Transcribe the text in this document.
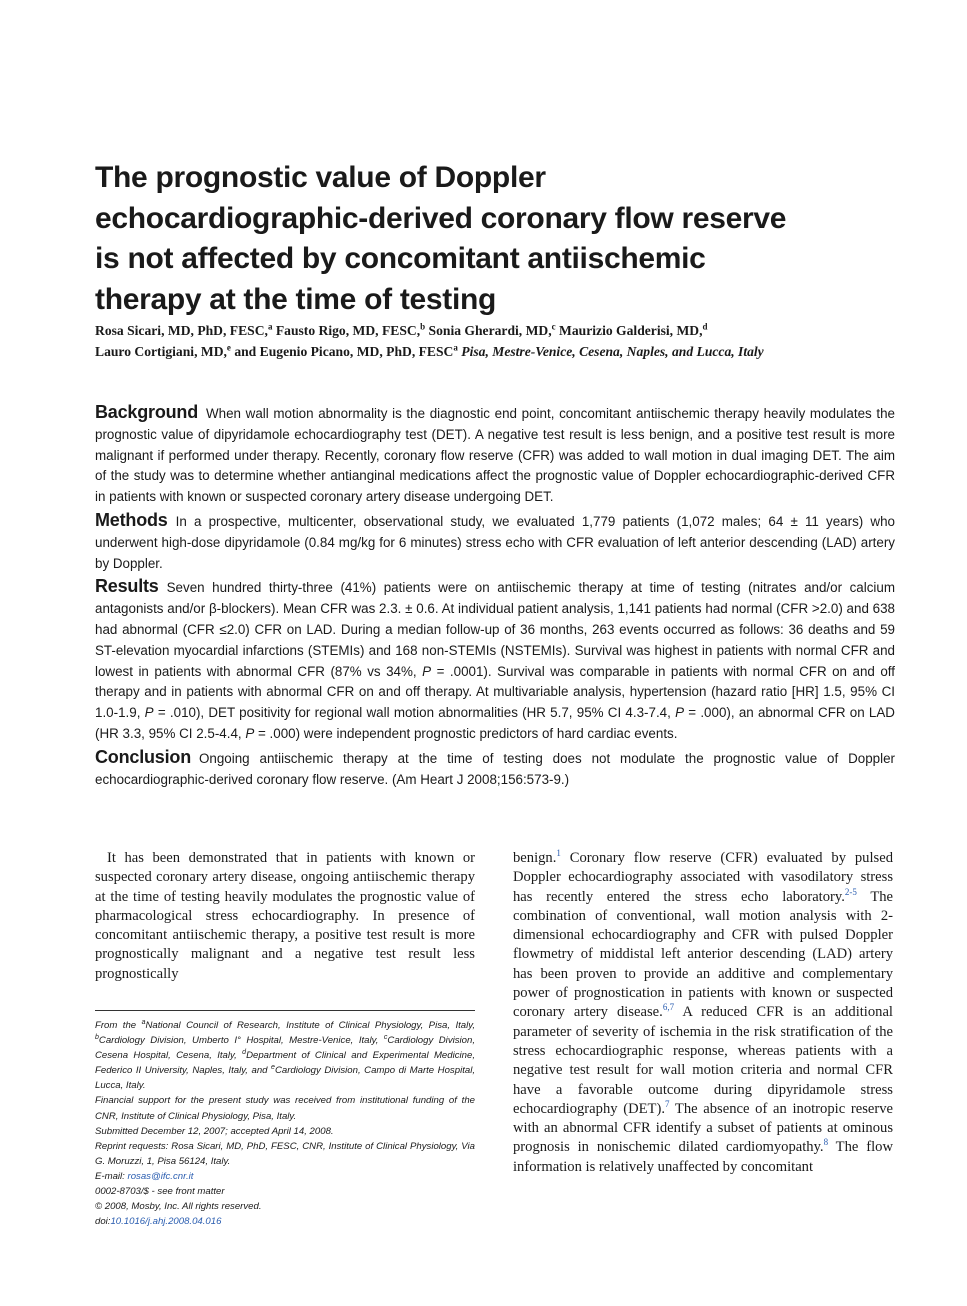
The prognostic value of Doppler
echocardiographic-derived coronary flow reserve
is not affected by concomitant antiischemic
therapy at the time of testing
Rosa Sicari, MD, PhD, FESC,$^a$ Fausto Rigo, MD, FESC,$^b$ Sonia Gherardi, MD,$^c$ Maurizio Galderisi, MD,$^d$
Lauro Cortigiani, MD,$^e$ and Eugenio Picano, MD, PhD, FESC$^a$ Pisa, Mestre-Venice, Cesena, Naples, and Lucca, Italy

Background When wall motion abnormality is the diagnostic end point, concomitant antiischemic therapy heavily modulates the prognostic value of dipyridamole echocardiography test (DET). A negative test result is less benign, and a positive test result is more malignant if performed under therapy. Recently, coronary flow reserve (CFR) was added to wall motion in dual imaging DET. The aim of the study was to determine whether antianginal medications affect the prognostic value of Doppler echocardiographic-derived CFR in patients with known or suspected coronary artery disease undergoing DET.

Methods In a prospective, multicenter, observational study, we evaluated 1,779 patients (1,072 males; 64 ± 11 years) who underwent high-dose dipyridamole (0.84 mg/kg for 6 minutes) stress echo with CFR evaluation of left anterior descending (LAD) artery by Doppler.

Results Seven hundred thirty-three (41%) patients were on antiischemic therapy at time of testing (nitrates and/or calcium antagonists and/or β-blockers). Mean CFR was 2.3. ± 0.6. At individual patient analysis, 1,141 patients had normal (CFR >2.0) and 638 had abnormal (CFR ≤2.0) CFR on LAD. During a median follow-up of 36 months, 263 events occurred as follows: 36 deaths and 59 ST-elevation myocardial infarctions (STEMIs) and 168 non-STEMIs (NSTEMIs). Survival was highest in patients with normal CFR and lowest in patients with abnormal CFR (87% vs 34%, P = .0001). Survival was comparable in patients with normal CFR on and off therapy and in patients with abnormal CFR on and off therapy. At multivariable analysis, hypertension (hazard ratio [HR] 1.5, 95% CI 1.0-1.9, P = .010), DET positivity for regional wall motion abnormalities (HR 5.7, 95% CI 4.3-7.4, P = .000), an abnormal CFR on LAD (HR 3.3, 95% CI 2.5-4.4, P = .000) were independent prognostic predictors of hard cardiac events.

Conclusion Ongoing antiischemic therapy at the time of testing does not modulate the prognostic value of Doppler echocardiographic-derived coronary flow reserve. (Am Heart J 2008;156:573-9.)

It has been demonstrated that in patients with known or suspected coronary artery disease, ongoing antiischemic therapy at the time of testing heavily modulates the prognostic value of pharmacological stress echocardiography. In presence of concomitant antiischemic therapy, a positive test result is more prognostically malignant and a negative test result less prognostically
From the $^a$National Council of Research, Institute of Clinical Physiology, Pisa, Italy, $^b$Cardiology Division, Umberto I° Hospital, Mestre-Venice, Italy, $^c$Cardiology Division, Cesena Hospital, Cesena, Italy, $^d$Department of Clinical and Experimental Medicine, Federico II University, Naples, Italy, and $^e$Cardiology Division, Campo di Marte Hospital, Lucca, Italy.
Financial support for the present study was received from institutional funding of the CNR, Institute of Clinical Physiology, Pisa, Italy.
Submitted December 12, 2007; accepted April 14, 2008.
Reprint requests: Rosa Sicari, MD, PhD, FESC, CNR, Institute of Clinical Physiology, Via G. Moruzzi, 1, Pisa 56124, Italy.
E-mail: rosas@ifc.cnr.it
0002-8703/$ - see front matter
© 2008, Mosby, Inc. All rights reserved.
doi:10.1016/j.ahj.2008.04.016
benign.$^1$ Coronary flow reserve (CFR) evaluated by pulsed Doppler echocardiography associated with vasodilatory stress has recently entered the stress echo laboratory.$^{2-5}$ The combination of conventional, wall motion analysis with 2-dimensional echocardiography and CFR with pulsed Doppler flowmetry of middistal left anterior descending (LAD) artery has been proven to provide an additive and complementary power of prognostication in patients with known or suspected coronary artery disease.$^{6,7}$ A reduced CFR is an additional parameter of severity of ischemia in the risk stratification of the stress echocardiographic response, whereas patients with a negative test result for wall motion criteria and normal CFR have a favorable outcome during dipyridamole stress echocardiography (DET).$^7$ The absence of an inotropic reserve with an abnormal CFR identify a subset of patients at ominous prognosis in nonischemic dilated cardiomyopathy.$^8$ The flow information is relatively unaffected by concomitant
